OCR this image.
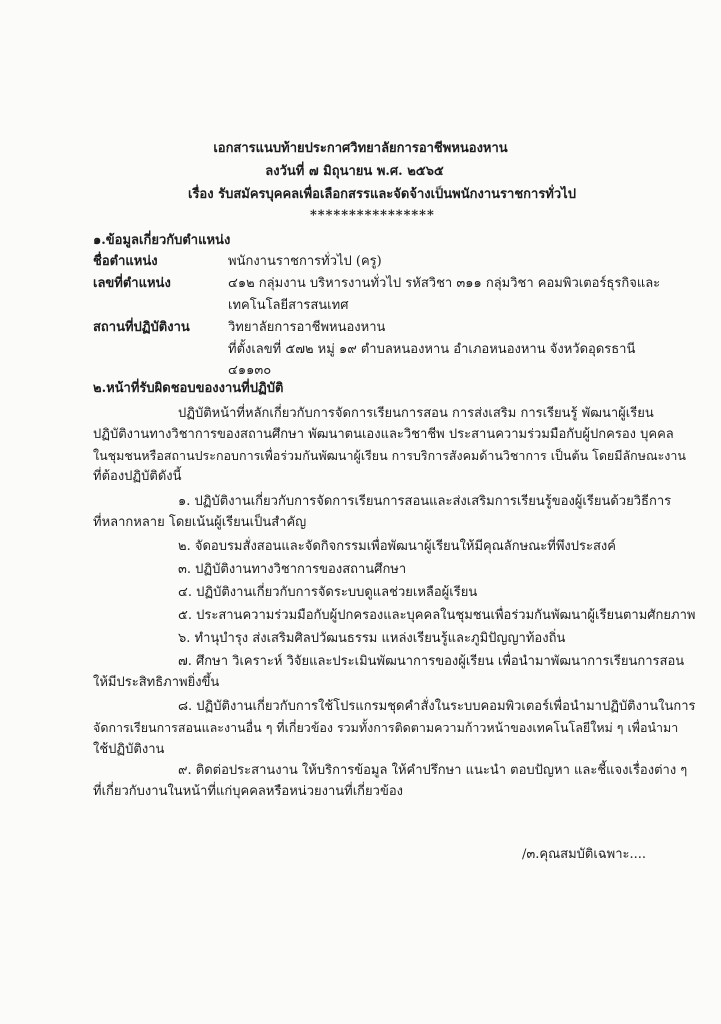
เอกสารแนบท้ายประกาศวิทยาลัยการอาชีพหนองหาน
ลงวันที่ ๗ มิถุนายน พ.ศ. ๒๕๖๕
เรื่อง รับสมัครบุคคลเพื่อเลือกสรรและจัดจ้างเป็นพนักงานราชการทั่วไป
****************
๑.ข้อมูลเกี่ยวกับตำแหน่ง
ชื่อตำแหน่ง	พนักงานราชการทั่วไป (ครู)
เลขที่ตำแหน่ง	๔๑๒ กลุ่มงาน บริหารงานทั่วไป รหัสวิชา ๓๑๑ กลุ่มวิชา คอมพิวเตอร์ธุรกิจและ
เทคโนโลยีสารสนเทศ
สถานที่ปฏิบัติงาน	วิทยาลัยการอาชีพหนองหาน
ที่ตั้งเลขที่ ๕๗๒ หมู่ ๑๙ ตำบลหนองหาน อำเภอหนองหาน จังหวัดอุดรธานี
๔๑๑๓๐
๒.หน้าที่รับผิดชอบของงานที่ปฏิบัติ
ปฏิบัติหน้าที่หลักเกี่ยวกับการจัดการเรียนการสอน การส่งเสริม การเรียนรู้ พัฒนาผู้เรียน
ปฏิบัติงานทางวิชาการของสถานศึกษา พัฒนาตนเองและวิชาชีพ ประสานความร่วมมือกับผู้ปกครอง บุคคล
ในชุมชนหรือสถานประกอบการเพื่อร่วมกันพัฒนาผู้เรียน การบริการสังคมด้านวิชาการ เป็นต้น โดยมีลักษณะงาน
ที่ต้องปฏิบัติดังนี้
๑. ปฏิบัติงานเกี่ยวกับการจัดการเรียนการสอนและส่งเสริมการเรียนรู้ของผู้เรียนด้วยวิธีการ
ที่หลากหลาย โดยเน้นผู้เรียนเป็นสำคัญ
๒. จัดอบรมสั่งสอนและจัดกิจกรรมเพื่อพัฒนาผู้เรียนให้มีคุณลักษณะที่พึงประสงค์
๓. ปฏิบัติงานทางวิชาการของสถานศึกษา
๔. ปฏิบัติงานเกี่ยวกับการจัดระบบดูแลช่วยเหลือผู้เรียน
๕. ประสานความร่วมมือกับผู้ปกครองและบุคคลในชุมชนเพื่อร่วมกันพัฒนาผู้เรียนตามศักยภาพ
๖. ทำนุบำรุง ส่งเสริมศิลปวัฒนธรรม แหล่งเรียนรู้และภูมิปัญญาท้องถิ่น
๗. ศึกษา วิเคราะห์ วิจัยและประเมินพัฒนาการของผู้เรียน เพื่อนำมาพัฒนาการเรียนการสอน
ให้มีประสิทธิภาพยิ่งขึ้น
๘. ปฏิบัติงานเกี่ยวกับการใช้โปรแกรมชุดคำสั่งในระบบคอมพิวเตอร์เพื่อนำมาปฏิบัติงานในการ
จัดการเรียนการสอนและงานอื่น ๆ ที่เกี่ยวข้อง รวมทั้งการติดตามความก้าวหน้าของเทคโนโลยีใหม่ ๆ เพื่อนำมา
ใช้ปฏิบัติงาน
๙. ติดต่อประสานงาน ให้บริการข้อมูล ให้คำปรึกษา แนะนำ ตอบปัญหา และชี้แจงเรื่องต่าง ๆ
ที่เกี่ยวกับงานในหน้าที่แก่บุคคลหรือหน่วยงานที่เกี่ยวข้อง
/๓.คุณสมบัติเฉพาะ....
